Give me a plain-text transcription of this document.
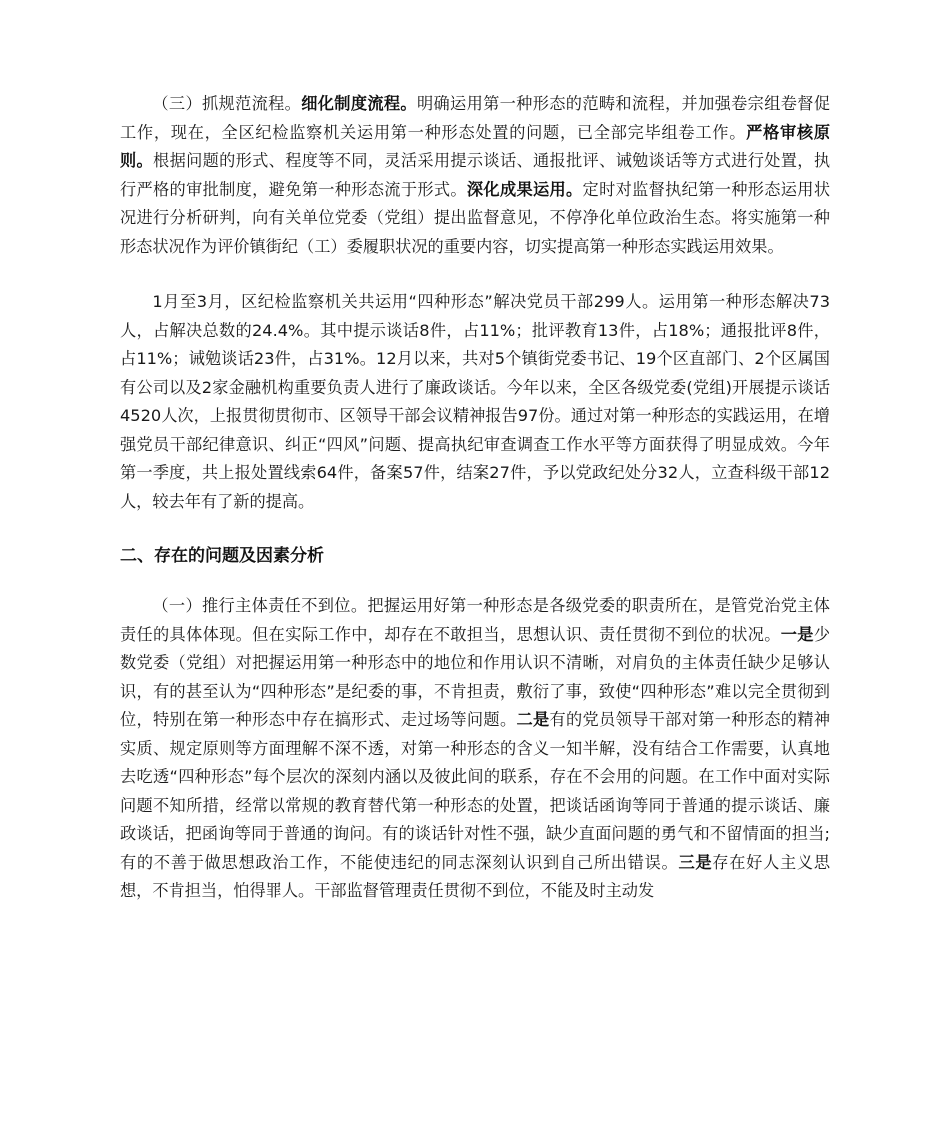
（三）抓规范流程。细化制度流程。明确运用第一种形态的范畴和流程，并加强卷宗组卷督促工作，现在，全区纪检监察机关运用第一种形态处置的问题，已全部完毕组卷工作。严格审核原则。根据问题的形式、程度等不同，灵活采用提示谈话、通报批评、诫勉谈话等方式进行处置，执行严格的审批制度，避免第一种形态流于形式。深化成果运用。定时对监督执纪第一种形态运用状况进行分析研判，向有关单位党委（党组）提出监督意见，不停净化单位政治生态。将实施第一种形态状况作为评价镇街纪（工）委履职状况的重要内容，切实提高第一种形态实践运用效果。

1月至3月，区纪检监察机关共运用“四种形态”解决党员干部299人。运用第一种形态解决73人，占解决总数的24.4%。其中提示谈话8件，占11%；批评教育13件，占18%；通报批评8件，占11%；诫勉谈话23件，占31%。12月以来，共对5个镇街党委书记、19个区直部门、2个区属国有公司以及2家金融机构重要负责人进行了廉政谈话。今年以来，全区各级党委(党组)开展提示谈话4520人次，上报贯彻贯彻市、区领导干部会议精神报告97份。通过对第一种形态的实践运用，在增强党员干部纪律意识、纠正“四风”问题、提高执纪审查调查工作水平等方面获得了明显成效。今年第一季度，共上报处置线索64件，备案57件，结案27件，予以党政纪处分32人，立查科级干部12人，较去年有了新的提高。

二、存在的问题及因素分析

（一）推行主体责任不到位。把握运用好第一种形态是各级党委的职责所在，是管党治党主体责任的具体体现。但在实际工作中，却存在不敢担当，思想认识、责任贯彻不到位的状况。一是少数党委（党组）对把握运用第一种形态中的地位和作用认识不清晰，对肩负的主体责任缺少足够认识，有的甚至认为“四种形态”是纪委的事，不肯担责，敷衍了事，致使“四种形态”难以完全贯彻到位，特别在第一种形态中存在搞形式、走过场等问题。二是有的党员领导干部对第一种形态的精神实质、规定原则等方面理解不深不透，对第一种形态的含义一知半解，没有结合工作需要，认真地去吃透“四种形态”每个层次的深刻内涵以及彼此间的联系，存在不会用的问题。在工作中面对实际问题不知所措，经常以常规的教育替代第一种形态的处置，把谈话函询等同于普通的提示谈话、廉政谈话，把函询等同于普通的询问。有的谈话针对性不强，缺少直面问题的勇气和不留情面的担当;有的不善于做思想政治工作，不能使违纪的同志深刻认识到自己所出错误。三是存在好人主义思想，不肯担当，怕得罪人。干部监督管理责任贯彻不到位，不能及时主动发
